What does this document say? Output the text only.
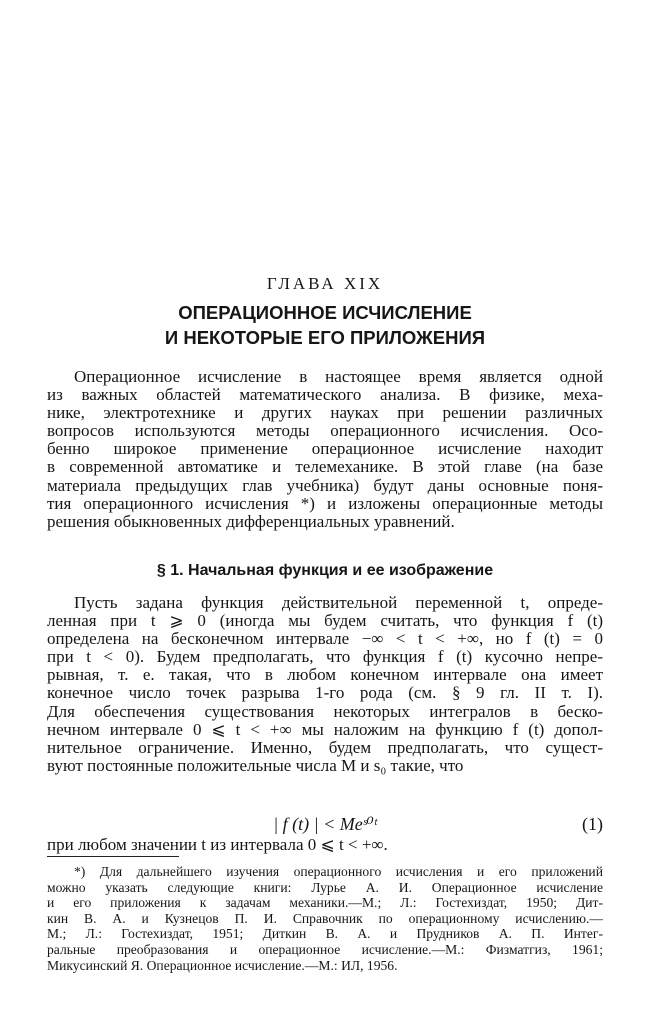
ГЛАВА XIX
ОПЕРАЦИОННОЕ ИСЧИСЛЕНИЕ
И НЕКОТОРЫЕ ЕГО ПРИЛОЖЕНИЯ
Операционное исчисление в настоящее время является одной
из важных областей математического анализа. В физике, меха-
нике, электротехнике и других науках при решении различных
вопросов используются методы операционного исчисления. Осо-
бенно широкое применение операционное исчисление находит
в современной автоматике и телемеханике. В этой главе (на базе
материала предыдущих глав учебника) будут даны основные поня-
тия операционного исчисления *) и изложены операционные методы
решения обыкновенных дифференциальных уравнений.
§ 1. Начальная функция и ее изображение
Пусть задана функция действительной переменной t, опреде-
ленная при t ⩾ 0 (иногда мы будем считать, что функция f (t)
определена на бесконечном интервале −∞ < t < +∞, но f (t) = 0
при t < 0). Будем предполагать, что функция f (t) кусочно непре-
рывная, т. е. такая, что в любом конечном интервале она имеет
конечное число точек разрыва 1-го рода (см. § 9 гл. II т. I).
Для обеспечения существования некоторых интегралов в беско-
нечном интервале 0 ⩽ t < +∞ мы наложим на функцию f (t) допол-
нительное ограничение. Именно, будем предполагать, что сущест-
вуют постоянные положительные числа M и s₀ такие, что
| f (t) | < Meˢ⁰ᵗ	(1)
при любом значении t из интервала 0 ⩽ t < +∞.
*) Для дальнейшего изучения операционного исчисления и его приложений
можно указать следующие книги: Лурье А. И. Операционное исчисление
и его приложения к задачам механики.—М.; Л.: Гостехиздат, 1950; Дит-
кин В. А. и Кузнецов П. И. Справочник по операционному исчислению.—
М.; Л.: Гостехиздат, 1951; Диткин В. А. и Прудников А. П. Интег-
ральные преобразования и операционное исчисление.—М.: Физматгиз, 1961;
Микусинский Я. Операционное исчисление.—М.: ИЛ, 1956.
